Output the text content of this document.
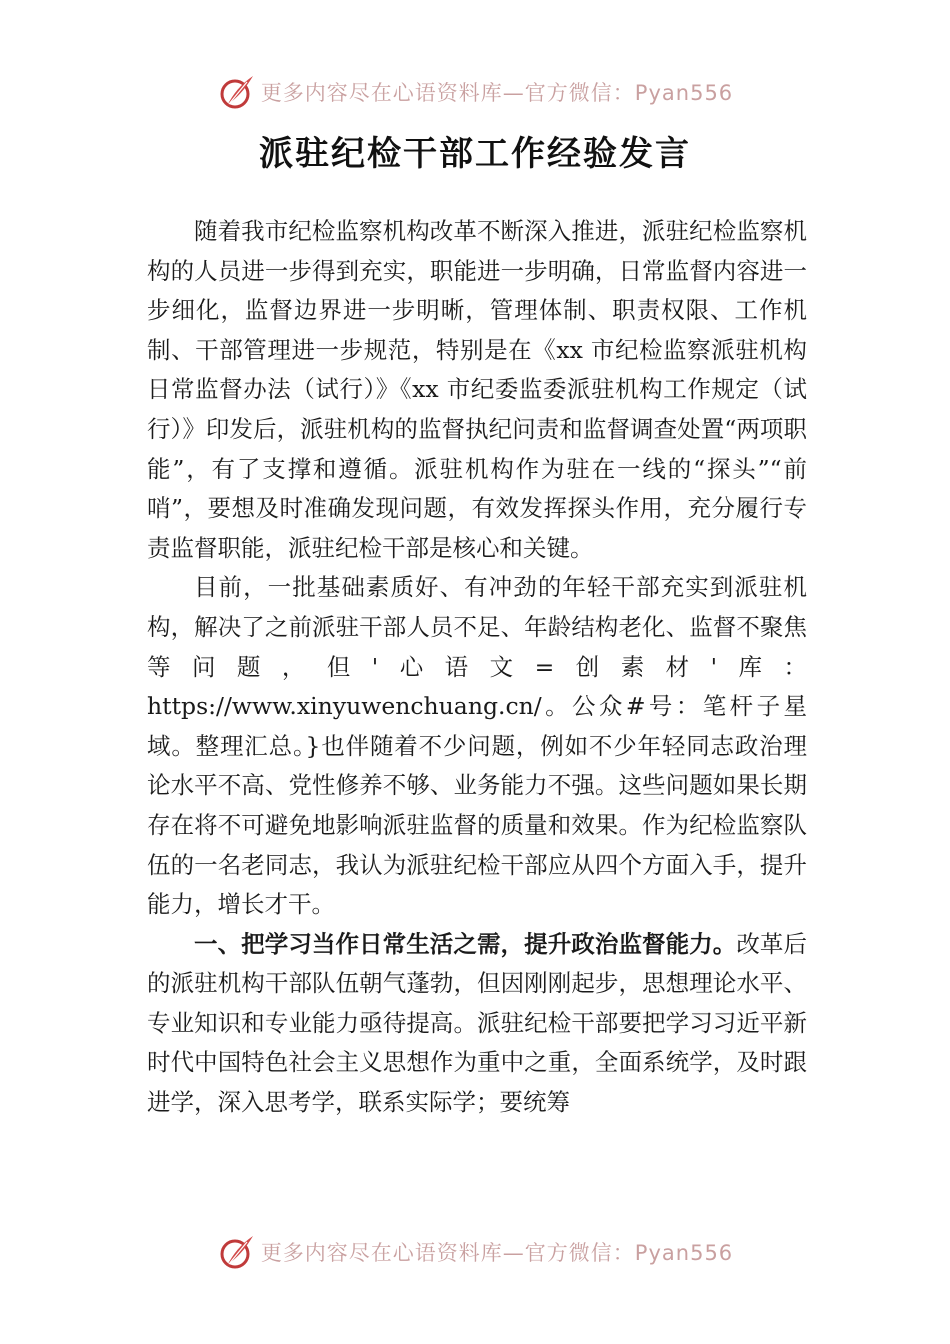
更多内容尽在心语资料库—官方微信：Pyan556
派驻纪检干部工作经验发言

随着我市纪检监察机构改革不断深入推进，派驻纪检监察机构的人员进一步得到充实，职能进一步明确，日常监督内容进一步细化，监督边界进一步明晰，管理体制、职责权限、工作机制、干部管理进一步规范，特别是在《xx 市纪检监察派驻机构日常监督办法（试行）》《xx 市纪委监委派驻机构工作规定（试行）》印发后，派驻机构的监督执纪问责和监督调查处置“两项职能”，有了支撑和遵循。派驻机构作为驻在一线的“探头”“前哨”，要想及时准确发现问题，有效发挥探头作用，充分履行专责监督职能，派驻纪检干部是核心和关键。

目前，一批基础素质好、有冲劲的年轻干部充实到派驻机构，解决了之前派驻干部人员不足、年龄结构老化、监督不聚焦等问题，但'心语文=创素材'库：https://www.xinyuwenchuang.cn/。公众#号：笔杆子星域。整理汇总。}也伴随着不少问题，例如不少年轻同志政治理论水平不高、党性修养不够、业务能力不强。这些问题如果长期存在将不可避免地影响派驻监督的质量和效果。作为纪检监察队伍的一名老同志，我认为派驻纪检干部应从四个方面入手，提升能力，增长才干。

一、把学习当作日常生活之需，提升政治监督能力。改革后的派驻机构干部队伍朝气蓬勃，但因刚刚起步，思想理论水平、专业知识和专业能力亟待提高。派驻纪检干部要把学习习近平新时代中国特色社会主义思想作为重中之重，全面系统学，及时跟进学，深入思考学，联系实际学；要统筹

更多内容尽在心语资料库—官方微信：Pyan556
